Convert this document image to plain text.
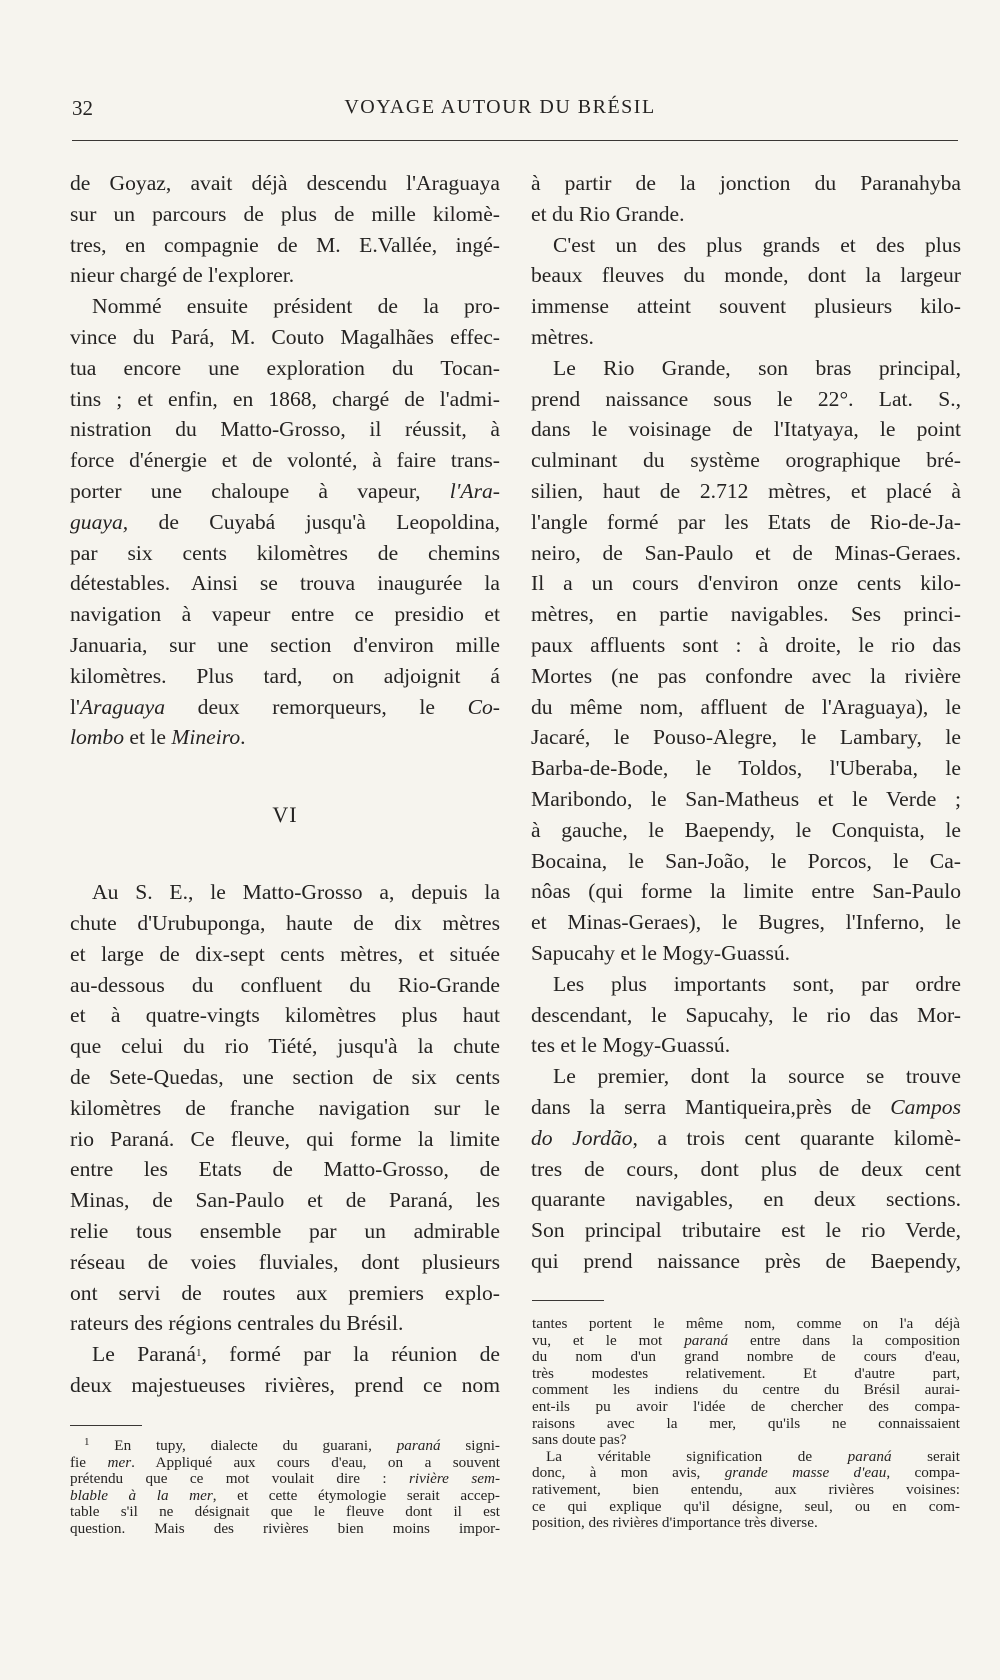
32	VOYAGE AUTOUR DU BRÉSIL
de Goyaz, avait déjà descendu l'Araguaya
sur un parcours de plus de mille kilomè-
tres, en compagnie de M. E.Vallée, ingé-
nieur chargé de l'explorer.
Nommé ensuite président de la pro-
vince du Pará, M. Couto Magalhães effec-
tua encore une exploration du Tocan-
tins ; et enfin, en 1868, chargé de l'admi-
nistration du Matto-Grosso, il réussit, à
force d'énergie et de volonté, à faire trans-
porter une chaloupe à vapeur, l'Ara-
guaya, de Cuyabá jusqu'à Leopoldina,
par six cents kilomètres de chemins
détestables. Ainsi se trouva inaugurée la
navigation à vapeur entre ce presidio et
Januaria, sur une section d'environ mille
kilomètres. Plus tard, on adjoignit á
l'Araguaya deux remorqueurs, le Co-
lombo et le Mineiro.
VI
Au S. E., le Matto-Grosso a, depuis la
chute d'Urubuponga, haute de dix mètres
et large de dix-sept cents mètres, et située
au-dessous du confluent du Rio-Grande
et à quatre-vingts kilomètres plus haut
que celui du rio Tiété, jusqu'à la chute
de Sete-Quedas, une section de six cents
kilomètres de franche navigation sur le
rio Paraná. Ce fleuve, qui forme la limite
entre les Etats de Matto-Grosso, de
Minas, de San-Paulo et de Paraná, les
relie tous ensemble par un admirable
réseau de voies fluviales, dont plusieurs
ont servi de routes aux premiers explo-
rateurs des régions centrales du Brésil.
Le Paraná$^1$, formé par la réunion de
deux majestueuses rivières, prend ce nom
$^1$ En tupy, dialecte du guarani, paraná signi-
fie mer. Appliqué aux cours d'eau, on a souvent
prétendu que ce mot voulait dire : rivière sem-
blable à la mer, et cette étymologie serait accep-
table s'il ne désignait que le fleuve dont il est
question. Mais des rivières bien moins impor-
à partir de la jonction du Paranahyba
et du Rio Grande.
C'est un des plus grands et des plus
beaux fleuves du monde, dont la largeur
immense atteint souvent plusieurs kilo-
mètres.
Le Rio Grande, son bras principal,
prend naissance sous le 22°. Lat. S.,
dans le voisinage de l'Itatyaya, le point
culminant du système orographique bré-
silien, haut de 2.712 mètres, et placé à
l'angle formé par les Etats de Rio-de-Ja-
neiro, de San-Paulo et de Minas-Geraes.
Il a un cours d'environ onze cents kilo-
mètres, en partie navigables. Ses princi-
paux affluents sont : à droite, le rio das
Mortes (ne pas confondre avec la rivière
du même nom, affluent de l'Araguaya), le
Jacaré, le Pouso-Alegre, le Lambary, le
Barba-de-Bode, le Toldos, l'Uberaba, le
Maribondo, le San-Matheus et le Verde ;
à gauche, le Baependy, le Conquista, le
Bocaina, le San-João, le Porcos, le Ca-
nôas (qui forme la limite entre San-Paulo
et Minas-Geraes), le Bugres, l'Inferno, le
Sapucahy et le Mogy-Guassú.
Les plus importants sont, par ordre
descendant, le Sapucahy, le rio das Mor-
tes et le Mogy-Guassú.
Le premier, dont la source se trouve
dans la serra Mantiqueira,près de Campos
do Jordão, a trois cent quarante kilomè-
tres de cours, dont plus de deux cent
quarante navigables, en deux sections.
Son principal tributaire est le rio Verde,
qui prend naissance près de Baependy,
tantes portent le même nom, comme on l'a déjà
vu, et le mot paraná entre dans la composition
du nom d'un grand nombre de cours d'eau,
très modestes relativement. Et d'autre part,
comment les indiens du centre du Brésil aurai-
ent-ils pu avoir l'idée de chercher des compa-
raisons avec la mer, qu'ils ne connaissaient
sans doute pas?
La véritable signification de paraná serait
donc, à mon avis, grande masse d'eau, compa-
rativement, bien entendu, aux rivières voisines:
ce qui explique qu'il désigne, seul, ou en com-
position, des rivières d'importance très diverse.
